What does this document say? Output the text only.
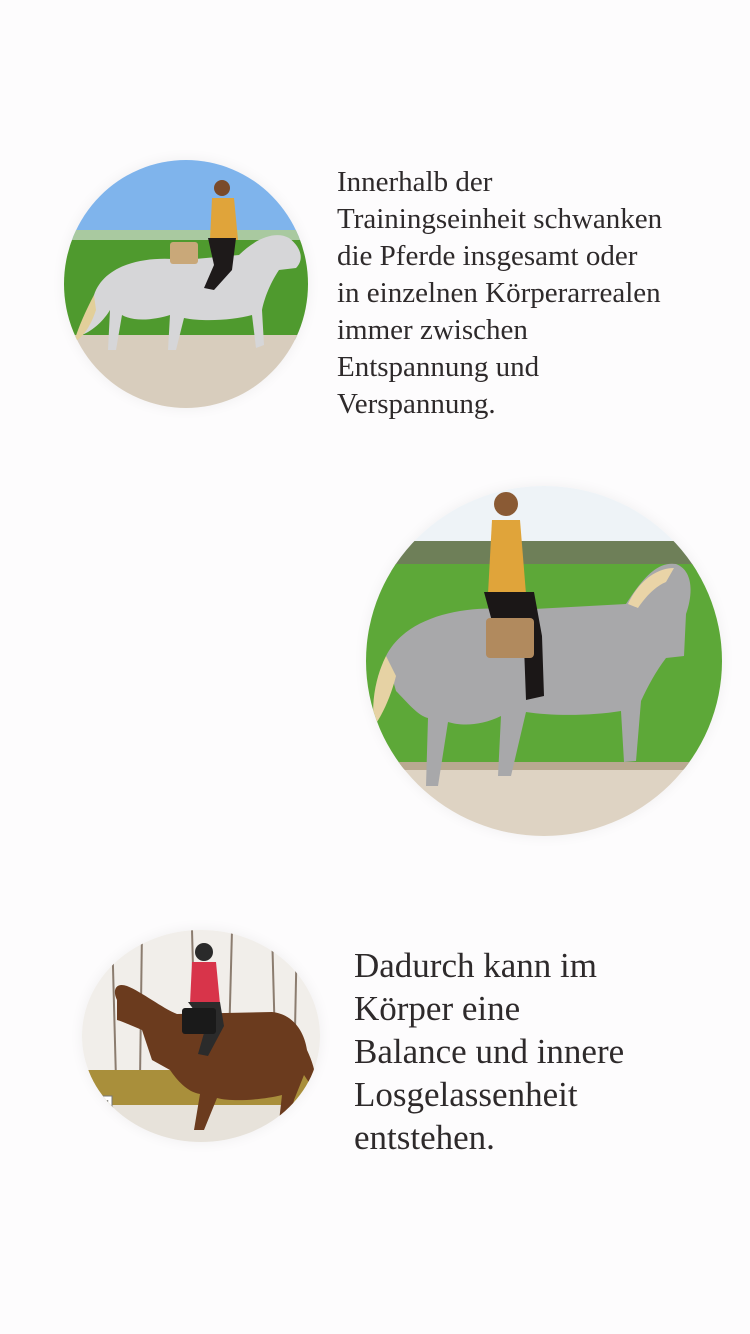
Innerhalb der
Trainingseinheit schwanken
die Pferde insgesamt oder
in einzelnen Körperarrealen
immer zwischen
Entspannung und
Verspannung.
E
Dadurch kann im
Körper eine
Balance und innere
Losgelassenheit
entstehen.
